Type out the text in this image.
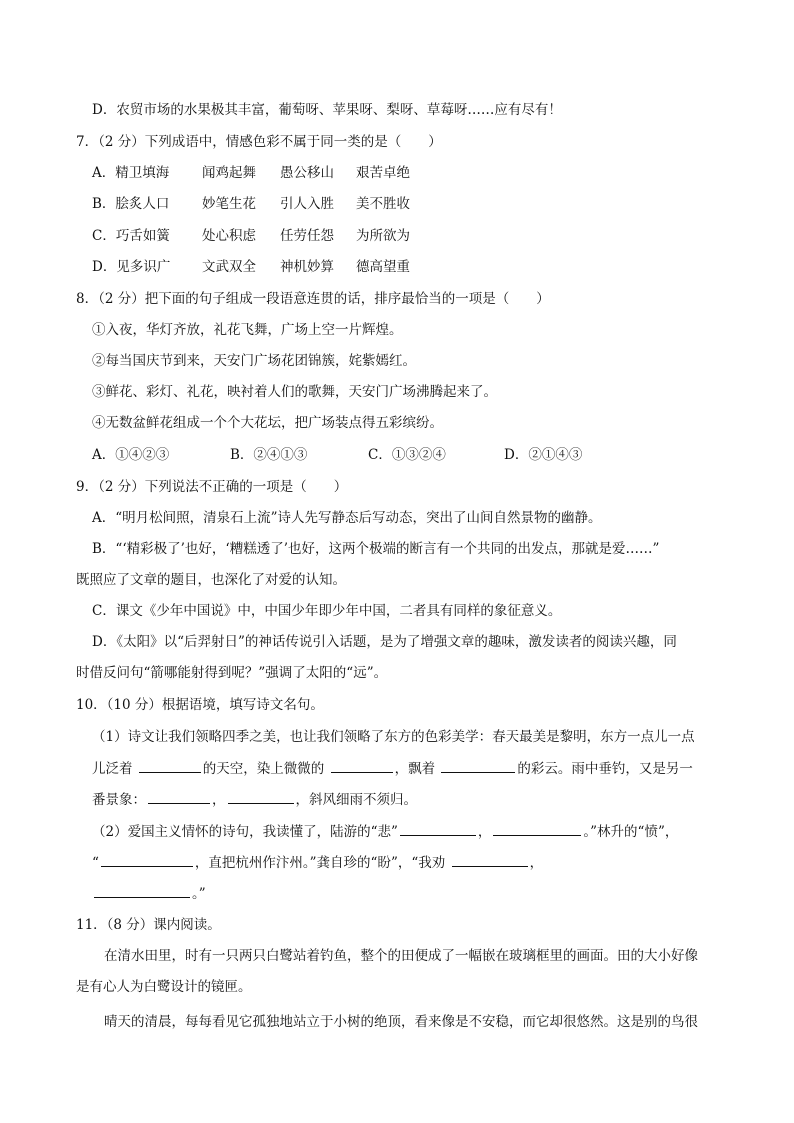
D．农贸市场的水果极其丰富，葡萄呀、苹果呀、梨呀、草莓呀……应有尽有！
7．（2 分）下列成语中，情感色彩不属于同一类的是（　　）
A．精卫填海 闻鸡起舞 愚公移山 艰苦卓绝
B．脍炙人口 妙笔生花 引人入胜 美不胜收
C．巧舌如簧 处心积虑 任劳任怨 为所欲为
D．见多识广 文武双全 神机妙算 德高望重
8．（2 分）把下面的句子组成一段语意连贯的话，排序最恰当的一项是（　　）
①入夜，华灯齐放，礼花飞舞，广场上空一片辉煌。
②每当国庆节到来，天安门广场花团锦簇，姹紫嫣红。
③鲜花、彩灯、礼花，映衬着人们的歌舞，天安门广场沸腾起来了。
④无数盆鲜花组成一个个大花坛，把广场装点得五彩缤纷。
A．①④②③	B．②④①③	C．①③②④	D．②①④③
9．（2 分）下列说法不正确的一项是（　　）
A．“明月松间照，清泉石上流”诗人先写静态后写动态，突出了山间自然景物的幽静。
B．“‘精彩极了’也好，‘糟糕透了’也好，这两个极端的断言有一个共同的出发点，那就是爱……”
既照应了文章的题目，也深化了对爱的认知。
C．课文《少年中国说》中，中国少年即少年中国，二者具有同样的象征意义。
D．《太阳》以“后羿射日”的神话传说引入话题，是为了增强文章的趣味，激发读者的阅读兴趣，同
时借反问句“箭哪能射得到呢？”强调了太阳的“远”。
10．（10 分）根据语境，填写诗文名句。
（1）诗文让我们领略四季之美，也让我们领略了东方的色彩美学：春天最美是黎明，东方一点儿一点
儿泛着	的天空，染上微微的	，飘着	的彩云。雨中垂钓，又是另一
番景象：	，	，斜风细雨不须归。
（2）爱国主义情怀的诗句，我读懂了，陆游的“悲”	，	。”林升的“愤”，
“	，直把杭州作汴州。”龚自珍的“盼”，“我劝	，
。”
11．（8 分）课内阅读。
在清水田里，时有一只两只白鹭站着钓鱼，整个的田便成了一幅嵌在玻璃框里的画面。田的大小好像
是有心人为白鹭设计的镜匣。
晴天的清晨，每每看见它孤独地站立于小树的绝顶，看来像是不安稳，而它却很悠然。这是别的鸟很
